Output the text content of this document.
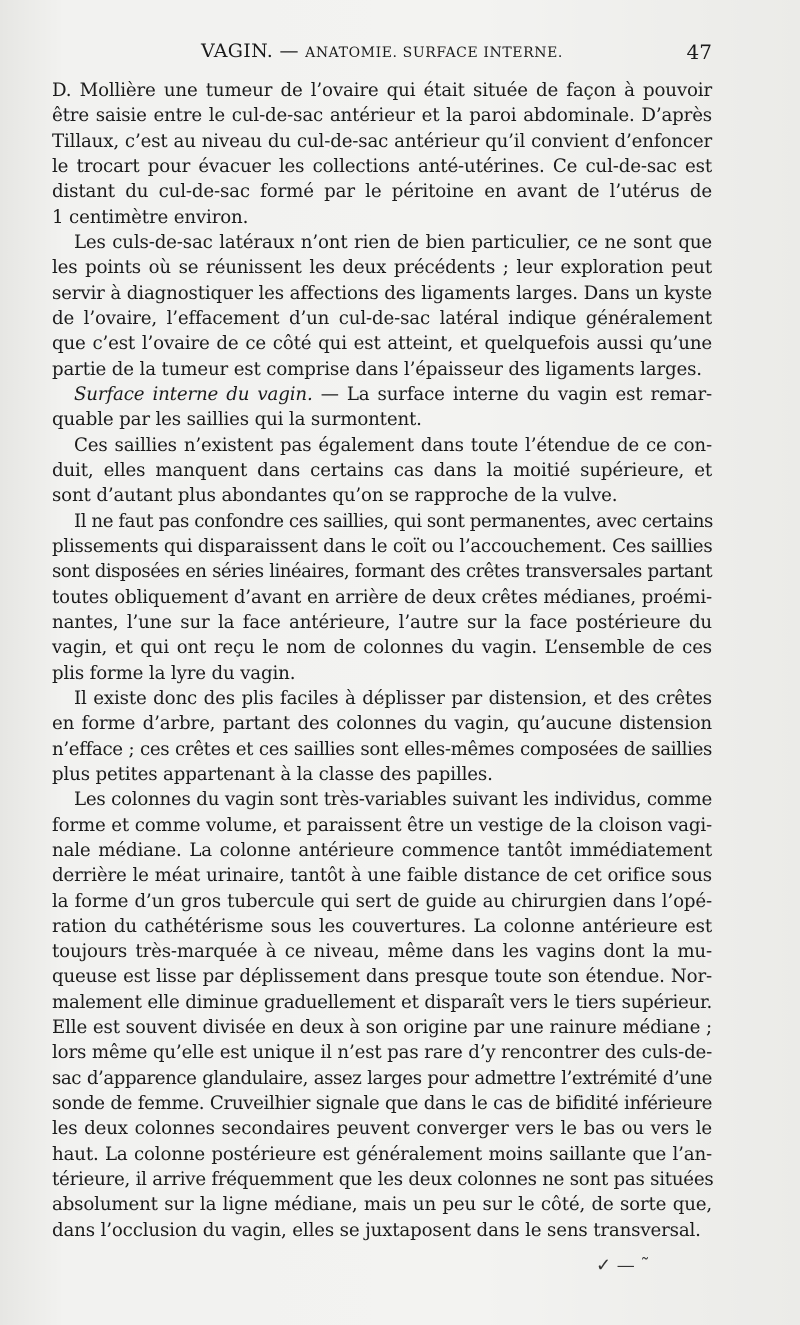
VAGIN. — ANATOMIE. SURFACE INTERNE.	47
D. Mollière une tumeur de l’ovaire qui était située de façon à pouvoir
être saisie entre le cul-de-sac antérieur et la paroi abdominale. D’après
Tillaux, c’est au niveau du cul-de-sac antérieur qu’il convient d’enfoncer
le trocart pour évacuer les collections anté-utérines. Ce cul-de-sac est
distant du cul-de-sac formé par le péritoine en avant de l’utérus de
1 centimètre environ.
Les culs-de-sac latéraux n’ont rien de bien particulier, ce ne sont que
les points où se réunissent les deux précédents ; leur exploration peut
servir à diagnostiquer les affections des ligaments larges. Dans un kyste
de l’ovaire, l’effacement d’un cul-de-sac latéral indique généralement
que c’est l’ovaire de ce côté qui est atteint, et quelquefois aussi qu’une
partie de la tumeur est comprise dans l’épaisseur des ligaments larges.
Surface interne du vagin. — La surface interne du vagin est remar-
quable par les saillies qui la surmontent.
Ces saillies n’existent pas également dans toute l’étendue de ce con-
duit, elles manquent dans certains cas dans la moitié supérieure, et
sont d’autant plus abondantes qu’on se rapproche de la vulve.
Il ne faut pas confondre ces saillies, qui sont permanentes, avec certains
plissements qui disparaissent dans le coït ou l’accouchement. Ces saillies
sont disposées en séries linéaires, formant des crêtes transversales partant
toutes obliquement d’avant en arrière de deux crêtes médianes, proémi-
nantes, l’une sur la face antérieure, l’autre sur la face postérieure du
vagin, et qui ont reçu le nom de colonnes du vagin. L’ensemble de ces
plis forme la lyre du vagin.
Il existe donc des plis faciles à déplisser par distension, et des crêtes
en forme d’arbre, partant des colonnes du vagin, qu’aucune distension
n’efface ; ces crêtes et ces saillies sont elles-mêmes composées de saillies
plus petites appartenant à la classe des papilles.
Les colonnes du vagin sont très-variables suivant les individus, comme
forme et comme volume, et paraissent être un vestige de la cloison vagi-
nale médiane. La colonne antérieure commence tantôt immédiatement
derrière le méat urinaire, tantôt à une faible distance de cet orifice sous
la forme d’un gros tubercule qui sert de guide au chirurgien dans l’opé-
ration du cathétérisme sous les couvertures. La colonne antérieure est
toujours très-marquée à ce niveau, même dans les vagins dont la mu-
queuse est lisse par déplissement dans presque toute son étendue. Nor-
malement elle diminue graduellement et disparaît vers le tiers supérieur.
Elle est souvent divisée en deux à son origine par une rainure médiane ;
lors même qu’elle est unique il n’est pas rare d’y rencontrer des culs-de-
sac d’apparence glandulaire, assez larges pour admettre l’extrémité d’une
sonde de femme. Cruveilhier signale que dans le cas de bifidité inférieure
les deux colonnes secondaires peuvent converger vers le bas ou vers le
haut. La colonne postérieure est généralement moins saillante que l’an-
térieure, il arrive fréquemment que les deux colonnes ne sont pas situées
absolument sur la ligne médiane, mais un peu sur le côté, de sorte que,
dans l’occlusion du vagin, elles se juxtaposent dans le sens transversal.
✓ — ˜
